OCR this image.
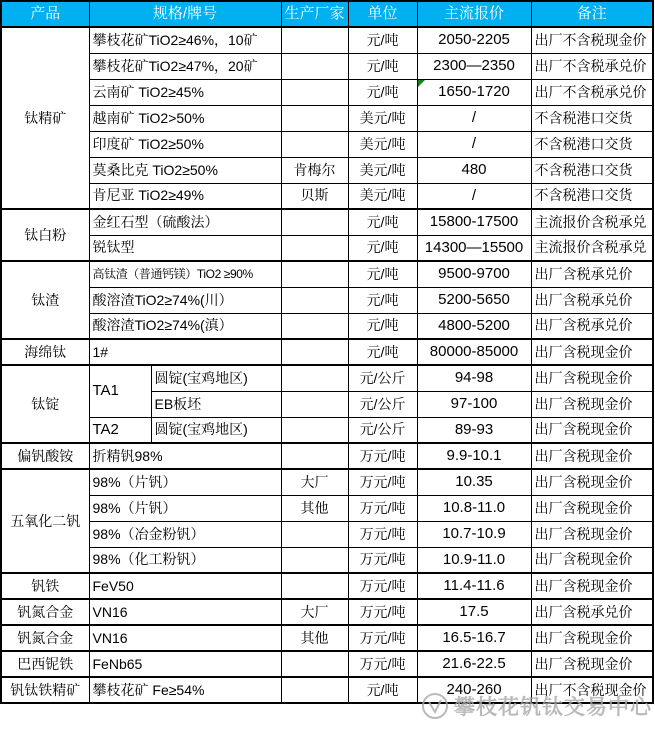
产品	规格/牌号		生产厂家	单位	主流报价	备注
钛精矿	攀枝花矿TiO2≥46%，10矿			元/吨	2050-2205	出厂不含税现金价
	攀枝花矿TiO2≥47%，20矿			元/吨	2300—2350	出厂不含税承兑价
	云南矿 TiO2≥45%			元/吨	1650-1720	出厂不含税承兑价
	越南矿 TiO2>50%			美元/吨	/	不含税港口交货
	印度矿 TiO2≥50%			美元/吨	/	不含税港口交货
	莫桑比克 TiO2≥50%		肯梅尔	美元/吨	480	不含税港口交货
	肯尼亚 TiO2≥49%		贝斯	美元/吨	/	不含税港口交货
钛白粉	金红石型（硫酸法）			元/吨	15800-17500	主流报价含税承兑
	锐钛型			元/吨	14300—15500	主流报价含税承兑
钛渣	高钛渣（普通钙镁）TiO2 ≥90%			元/吨	9500-9700	出厂含税承兑价
	酸溶渣TiO2≥74%(川）			元/吨	5200-5650	出厂含税承兑价
	酸溶渣TiO2≥74%(滇）			元/吨	4800-5200	出厂含税承兑价
海绵钛	1#			元/吨	80000-85000	出厂含税现金价
钛锭	TA1	圆锭(宝鸡地区)		元/公斤	94-98	出厂含税现金价
		EB板坯		元/公斤	97-100	出厂含税现金价
	TA2	圆锭(宝鸡地区)		元/公斤	89-93	出厂含税现金价
偏钒酸铵	折精钒98%			万元/吨	9.9-10.1	出厂含税现金价
五氧化二钒	98%（片钒）		大厂	万元/吨	10.35	出厂含税现金价
	98%（片钒）		其他	万元/吨	10.8-11.0	出厂含税现金价
	98%（冶金粉钒）			万元/吨	10.7-10.9	出厂含税现金价
	98%（化工粉钒）			万元/吨	10.9-11.0	出厂含税现金价
钒铁	FeV50			万元/吨	11.4-11.6	出厂含税现金价
钒氮合金	VN16		大厂	万元/吨	17.5	出厂含税承兑价
钒氮合金	VN16		其他	万元/吨	16.5-16.7	出厂含税现金价
巴西铌铁	FeNb65			万元/吨	21.6-22.5	出厂含税现金价
钒钛铁精矿	攀枝花矿 Fe≥54%			元/吨	240-260	出厂不含税现金价
攀枝花钒钛交易中心
